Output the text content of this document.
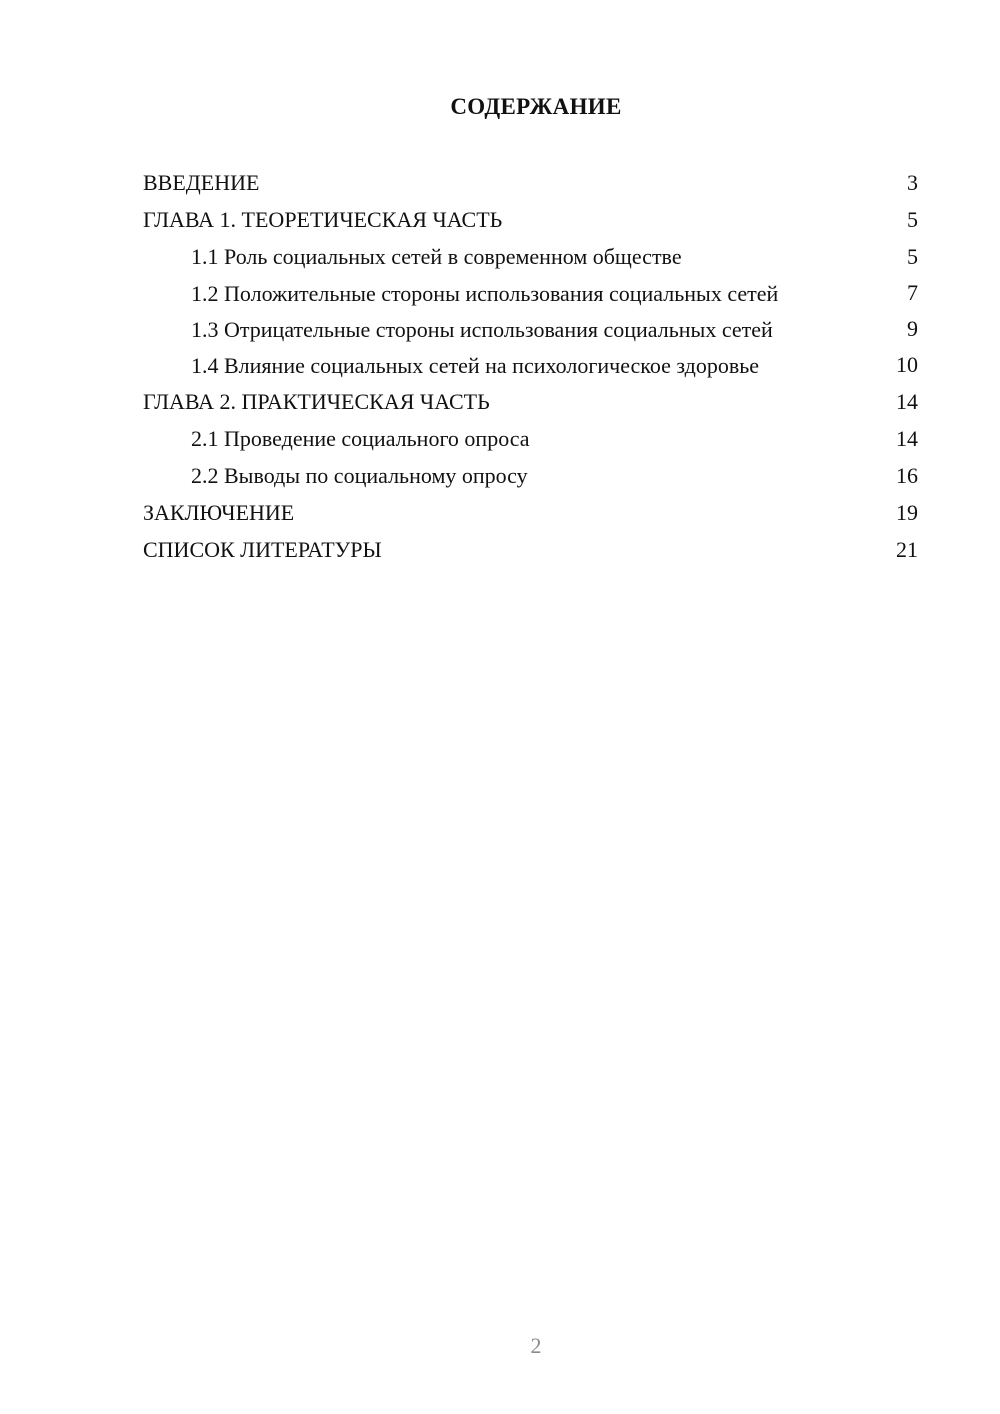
СОДЕРЖАНИЕ
ВВЕДЕНИЕ	3
ГЛАВА 1. ТЕОРЕТИЧЕСКАЯ ЧАСТЬ	5
1.1 Роль социальных сетей в современном обществе	5
1.2 Положительные стороны использования социальных сетей	7
1.3 Отрицательные стороны использования социальных сетей	9
1.4 Влияние социальных сетей на психологическое здоровье	10
ГЛАВА 2. ПРАКТИЧЕСКАЯ ЧАСТЬ	14
2.1 Проведение социального опроса	14
2.2 Выводы по социальному опросу	16
ЗАКЛЮЧЕНИЕ	19
СПИСОК ЛИТЕРАТУРЫ	21
2
